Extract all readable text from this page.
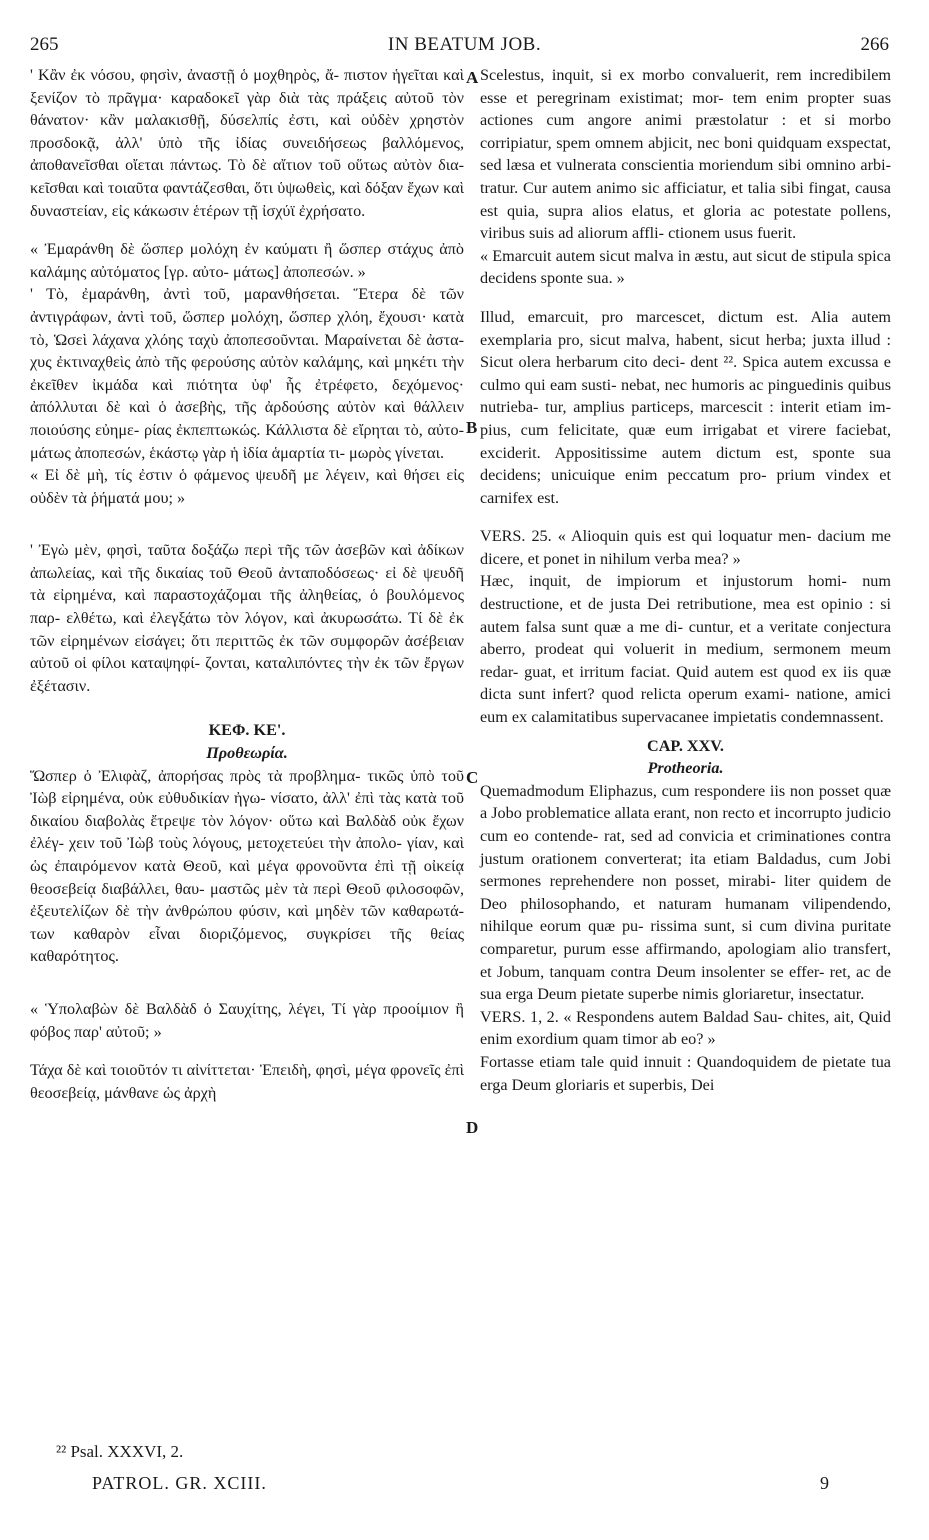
265	IN BEATUM JOB.	266

' Κἂν ἐκ νόσου, φησὶν, ἀναστῇ ὁ μοχθηρὸς, ἄ- πιστον ἡγεῖται καὶ ξενίζον τὸ πρᾶγμα· καραδοκεῖ γὰρ διὰ τὰς πράξεις αὐτοῦ τὸν θάνατον· κἂν μαλακισθῇ, δύσελπίς ἐστι, καὶ οὐδὲν χρηστὸν προσδοκᾷ, ἀλλ' ὑπὸ τῆς ἰδίας συνειδήσεως βαλλόμενος, ἀποθανεῖσθαι οἴεται πάντως. Τὸ δὲ αἴτιον τοῦ οὕτως αὐτὸν δια- κεῖσθαι καὶ τοιαῦτα φαντάζεσθαι, ὅτι ὑψωθεὶς, καὶ δόξαν ἔχων καὶ δυναστείαν, εἰς κάκωσιν ἑτέρων τῇ ἰσχύϊ ἐχρήσατο.

« Ἐμαράνθη δὲ ὥσπερ μολόχη ἐν καύματι ἢ ὥσπερ στάχυς ἀπὸ καλάμης αὐτόματος [γρ. αὐτο- μάτως] ἀποπεσών. »

' Τὸ, ἐμαράνθη, ἀντὶ τοῦ, μαρανθήσεται. Ἕτερα δὲ τῶν ἀντιγράφων, ἀντὶ τοῦ, ὥσπερ μολόχη, ὥσπερ χλόη, ἔχουσι· κατὰ τὸ, Ὡσεὶ λάχανα χλόης ταχὺ ἀποπεσοῦνται. Μαραίνεται δὲ ἀστα- χυς ἐκτιναχθεὶς ἀπὸ τῆς φερούσης αὐτὸν καλάμης, καὶ μηκέτι τὴν ἐκεῖθεν ἰκμάδα καὶ πιότητα ὑφ' ἧς ἐτρέφετο, δεχόμενος· ἀπόλλυται δὲ καὶ ὁ ἀσεβὴς, τῆς ἀρδούσης αὐτὸν καὶ θάλλειν ποιούσης εὐημε- ρίας ἐκπεπτωκώς. Κάλλιστα δὲ εἴρηται τὸ, αὐτο- μάτως ἀποπεσών, ἑκάστῳ γὰρ ἡ ἰδία ἁμαρτία τι- μωρὸς γίνεται.

« Εἰ δὲ μὴ, τίς ἐστιν ὁ φάμενος ψευδῆ με λέγειν, καὶ θήσει εἰς οὐδὲν τὰ ῥήματά μου; »

' Ἐγὼ μὲν, φησὶ, ταῦτα δοξάζω περὶ τῆς τῶν ἀσεβῶν καὶ ἀδίκων ἀπωλείας, καὶ τῆς δικαίας τοῦ Θεοῦ ἀνταποδόσεως· εἰ δὲ ψευδῆ τὰ εἰρημένα, καὶ παραστοχάζομαι τῆς ἀληθείας, ὁ βουλόμενος παρ- ελθέτω, καὶ ἐλεγξάτω τὸν λόγον, καὶ ἀκυρωσάτω. Τί δὲ ἐκ τῶν εἰρημένων εἰσάγει; ὅτι περιττῶς ἐκ τῶν συμφορῶν ἀσέβειαν αὐτοῦ οἱ φίλοι καταψηφί- ζονται, καταλιπόντες τὴν ἐκ τῶν ἔργων ἐξέτασιν.

ΚΕΦ. ΚΕ'.

Προθεωρία.

Ὥσπερ ὁ Ἐλιφὰζ, ἀπορήσας πρὸς τὰ προβλημα- τικῶς ὑπὸ τοῦ Ἰὼβ εἰρημένα, οὐκ εὐθυδικίαν ἠγω- νίσατο, ἀλλ' ἐπὶ τὰς κατὰ τοῦ δικαίου διαβολὰς ἔτρεψε τὸν λόγον· οὕτω καὶ Βαλδὰδ οὐκ ἔχων ἐλέγ- χειν τοῦ Ἰὼβ τοὺς λόγους, μετοχετεύει τὴν ἀπολο- γίαν, καὶ ὡς ἐπαιρόμενον κατὰ Θεοῦ, καὶ μέγα φρονοῦντα ἐπὶ τῇ οἰκείᾳ θεοσεβείᾳ διαβάλλει, θαυ- μαστῶς μὲν τὰ περὶ Θεοῦ φιλοσοφῶν, ἐξευτελίζων δὲ τὴν ἀνθρώπου φύσιν, καὶ μηδὲν τῶν καθαρωτά- των καθαρὸν εἶναι διοριζόμενος, συγκρίσει τῆς θείας καθαρότητος.

« Ὑπολαβὼν δὲ Βαλδὰδ ὁ Σαυχίτης, λέγει, Τί γὰρ προοίμιον ἢ φόβος παρ' αὐτοῦ; »

Τάχα δὲ καὶ τοιοῦτόν τι αἰνίττεται· Ἐπειδὴ, φησὶ, μέγα φρονεῖς ἐπὶ θεοσεβείᾳ, μάνθανε ὡς ἀρχὴ

A
B
C
D

Scelestus, inquit, si ex morbo convaluerit, rem incredibilem esse et peregrinam existimat; mor- tem enim propter suas actiones cum angore animi præstolatur : et si morbo corripiatur, spem omnem abjicit, nec boni quidquam exspectat, sed læsa et vulnerata conscientia moriendum sibi omnino arbi- tratur. Cur autem animo sic afficiatur, et talia sibi fingat, causa est quia, supra alios elatus, et gloria ac potestate pollens, viribus suis ad aliorum affli- ctionem usus fuerit.

« Emarcuit autem sicut malva in æstu, aut sicut de stipula spica decidens sponte sua. »

Illud, emarcuit, pro marcescet, dictum est. Alia autem exemplaria pro, sicut malva, habent, sicut herba; juxta illud : Sicut olera herbarum cito deci- dent ²². Spica autem excussa e culmo qui eam susti- nebat, nec humoris ac pinguedinis quibus nutrieba- tur, amplius particeps, marcescit : interit etiam im- pius, cum felicitate, quæ eum irrigabat et virere faciebat, exciderit. Appositissime autem dictum est, sponte sua decidens; unicuique enim peccatum pro- prium vindex et carnifex est.

VERS. 25. « Alioquin quis est qui loquatur men- dacium me dicere, et ponet in nihilum verba mea? »

Hæc, inquit, de impiorum et injustorum homi- num destructione, et de justa Dei retributione, mea est opinio : si autem falsa sunt quæ a me di- cuntur, et a veritate conjectura aberro, prodeat qui voluerit in medium, sermonem meum redar- guat, et irritum faciat. Quid autem est quod ex iis quæ dicta sunt infert? quod relicta operum exami- natione, amici eum ex calamitatibus supervacanee impietatis condemnassent.

CAP. XXV.

Protheoria.

Quemadmodum Eliphazus, cum respondere iis non posset quæ a Jobo problematice allata erant, non recto et incorrupto judicio cum eo contende- rat, sed ad convicia et criminationes contra justum orationem converterat; ita etiam Baldadus, cum Jobi sermones reprehendere non posset, mirabi- liter quidem de Deo philosophando, et naturam humanam vilipendendo, nihilque eorum quæ pu- rissima sunt, si cum divina puritate comparetur, purum esse affirmando, apologiam alio transfert, et Jobum, tanquam contra Deum insolenter se effer- ret, ac de sua erga Deum pietate superbe nimis gloriaretur, insectatur.

VERS. 1, 2. « Respondens autem Baldad Sau- chites, ait, Quid enim exordium quam timor ab eo? »

Fortasse etiam tale quid innuit : Quandoquidem de pietate tua erga Deum gloriaris et superbis, Dei

²² Psal. XXXVI, 2.
PATROL. GR. XCIII.	9
